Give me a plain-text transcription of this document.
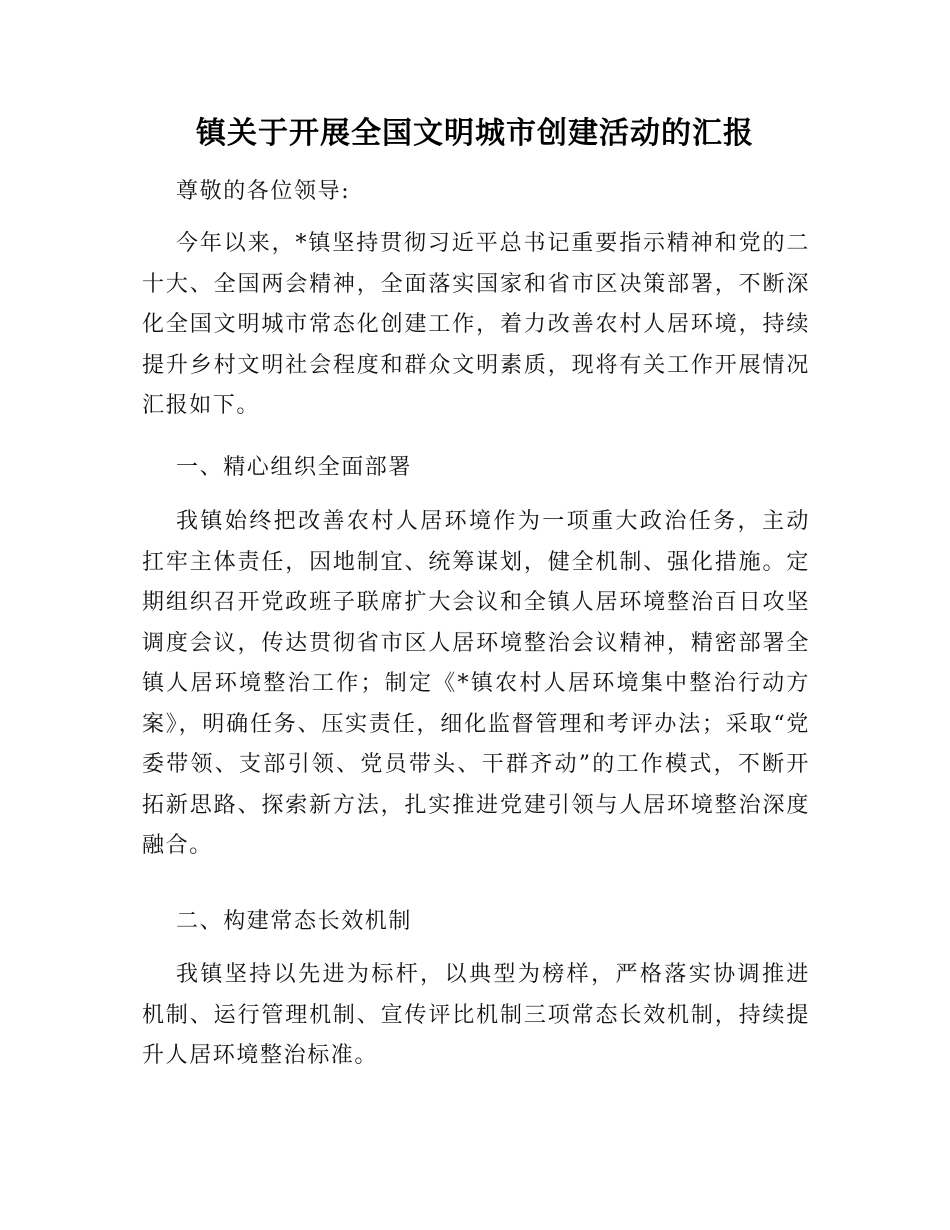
镇关于开展全国文明城市创建活动的汇报
尊敬的各位领导:
今年以来，*镇坚持贯彻习近平总书记重要指示精神和党的二十大、全国两会精神，全面落实国家和省市区决策部署，不断深化全国文明城市常态化创建工作，着力改善农村人居环境，持续提升乡村文明社会程度和群众文明素质，现将有关工作开展情况汇报如下。
一、精心组织全面部署
我镇始终把改善农村人居环境作为一项重大政治任务，主动扛牢主体责任，因地制宜、统筹谋划，健全机制、强化措施。定期组织召开党政班子联席扩大会议和全镇人居环境整治百日攻坚调度会议，传达贯彻省市区人居环境整治会议精神，精密部署全镇人居环境整治工作；制定《*镇农村人居环境集中整治行动方案》，明确任务、压实责任，细化监督管理和考评办法；采取“党委带领、支部引领、党员带头、干群齐动”的工作模式，不断开拓新思路、探索新方法，扎实推进党建引领与人居环境整治深度融合。
二、构建常态长效机制
我镇坚持以先进为标杆，以典型为榜样，严格落实协调推进机制、运行管理机制、宣传评比机制三项常态长效机制，持续提升人居环境整治标准。
